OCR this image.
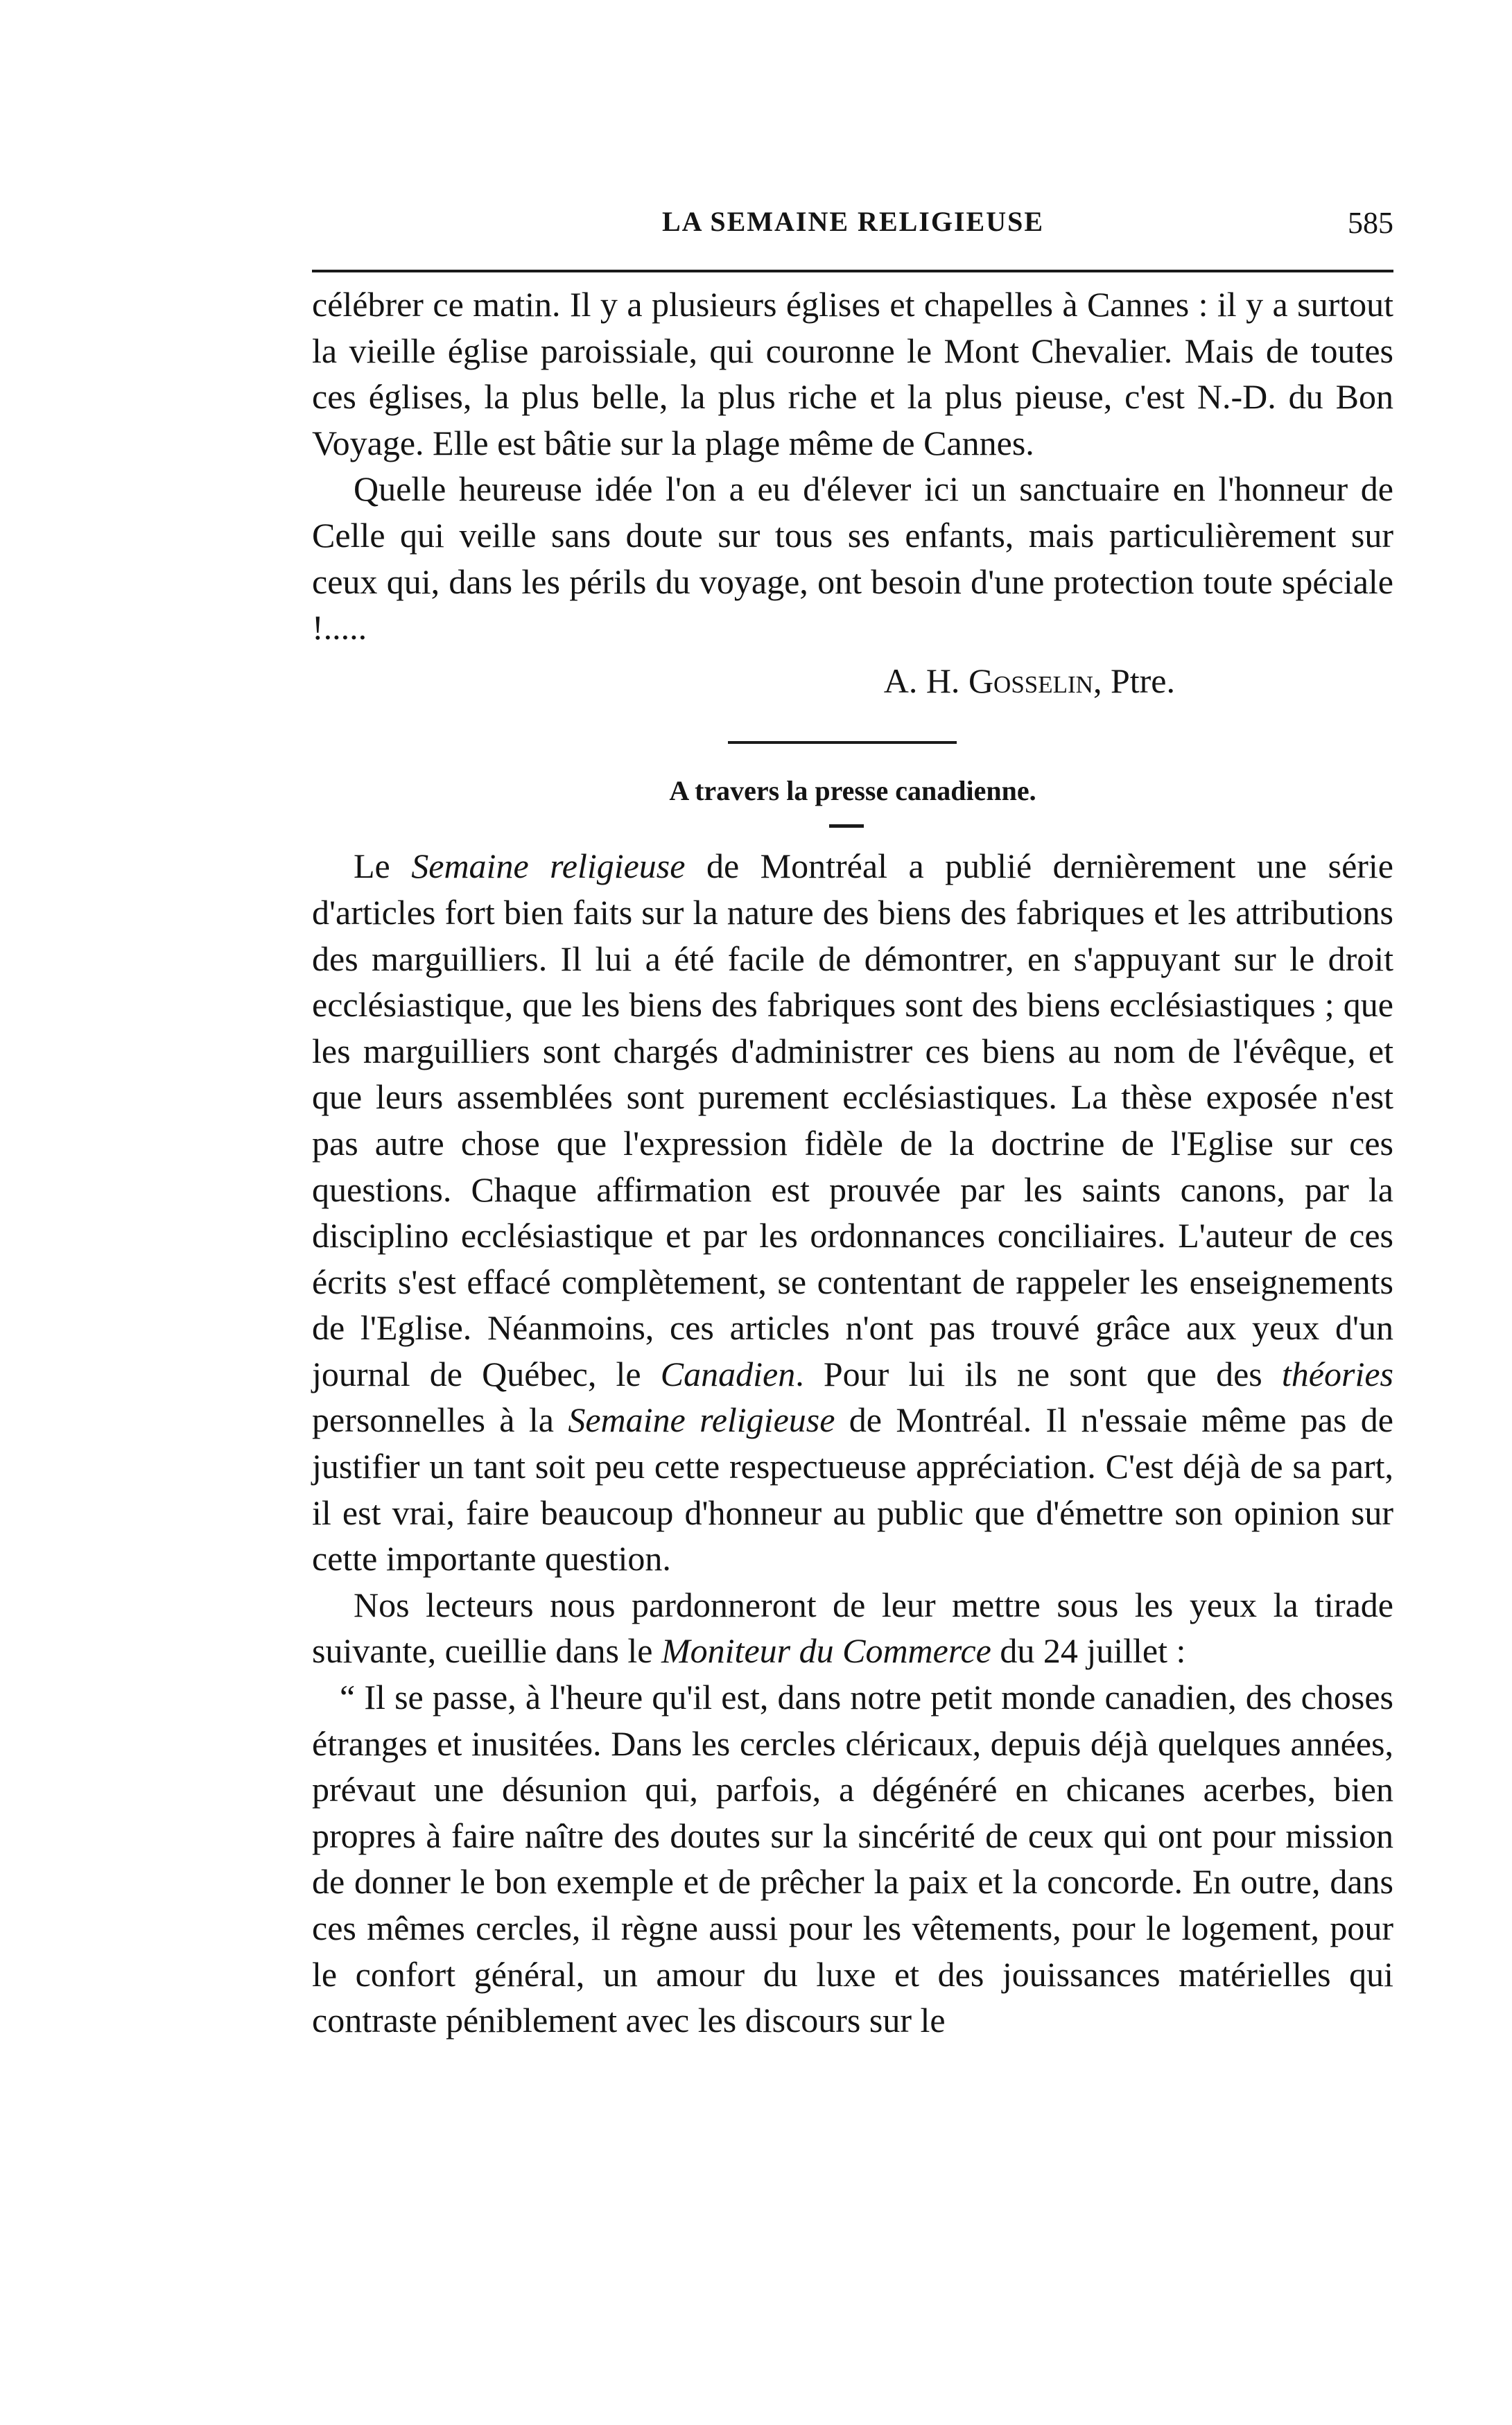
LA SEMAINE RELIGIEUSE	585

célébrer ce matin. Il y a plusieurs églises et chapelles à Cannes : il y a surtout la vieille église paroissiale, qui couronne le Mont Chevalier. Mais de toutes ces églises, la plus belle, la plus riche et la plus pieuse, c'est N.-D. du Bon Voyage. Elle est bâtie sur la plage même de Cannes.

Quelle heureuse idée l'on a eu d'élever ici un sanctuaire en l'honneur de Celle qui veille sans doute sur tous ses enfants, mais particulièrement sur ceux qui, dans les périls du voyage, ont besoin d'une protection toute spéciale !.....

A. H. Gosselin, Ptre.
A travers la presse canadienne.

Le Semaine religieuse de Montréal a publié dernièrement une série d'articles fort bien faits sur la nature des biens des fabriques et les attributions des marguilliers. Il lui a été facile de démontrer, en s'appuyant sur le droit ecclésiastique, que les biens des fabriques sont des biens ecclésiastiques ; que les marguilliers sont chargés d'administrer ces biens au nom de l'évêque, et que leurs assemblées sont purement ecclésiastiques. La thèse exposée n'est pas autre chose que l'expression fidèle de la doctrine de l'Eglise sur ces questions. Chaque affirmation est prouvée par les saints canons, par la disciplino ecclésiastique et par les ordonnances conciliaires. L'auteur de ces écrits s'est effacé complètement, se contentant de rappeler les enseignements de l'Eglise. Néanmoins, ces articles n'ont pas trouvé grâce aux yeux d'un journal de Québec, le Canadien. Pour lui ils ne sont que des théories personnelles à la Semaine religieuse de Montréal. Il n'essaie même pas de justifier un tant soit peu cette respectueuse appréciation. C'est déjà de sa part, il est vrai, faire beaucoup d'honneur au public que d'émettre son opinion sur cette importante question.

Nos lecteurs nous pardonneront de leur mettre sous les yeux la tirade suivante, cueillie dans le Moniteur du Commerce du 24 juillet :

“ Il se passe, à l'heure qu'il est, dans notre petit monde canadien, des choses étranges et inusitées. Dans les cercles cléricaux, depuis déjà quelques années, prévaut une désunion qui, parfois, a dégénéré en chicanes acerbes, bien propres à faire naître des doutes sur la sincérité de ceux qui ont pour mission de donner le bon exemple et de prêcher la paix et la concorde. En outre, dans ces mêmes cercles, il règne aussi pour les vêtements, pour le logement, pour le confort général, un amour du luxe et des jouissances matérielles qui contraste péniblement avec les discours sur le
